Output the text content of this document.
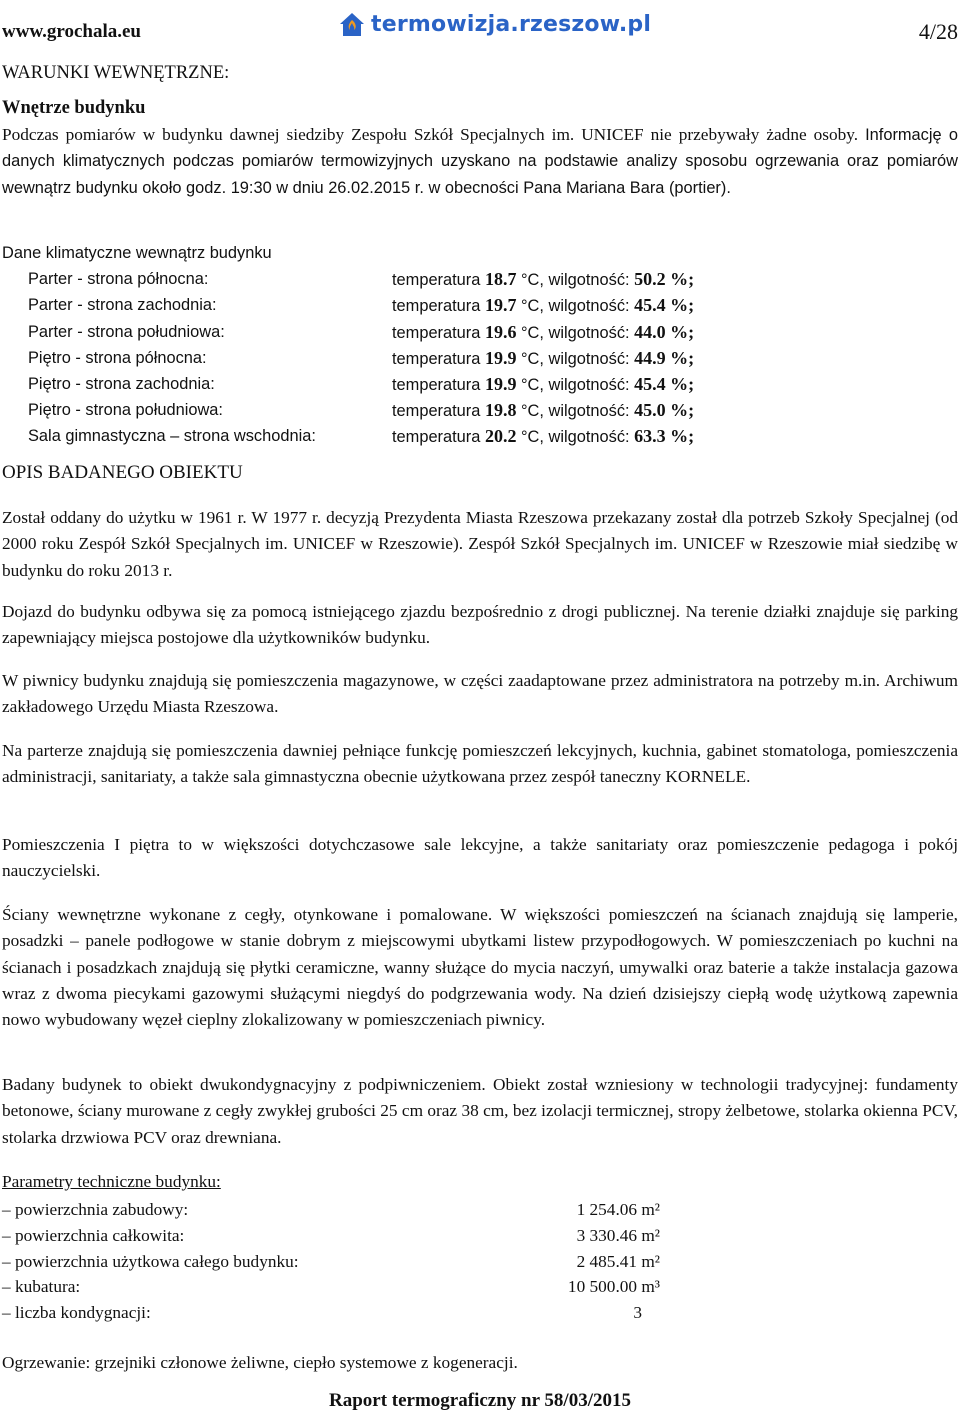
www.grochala.eu	termowizja.rzeszow.pl	4/28
WARUNKI WEWNĘTRZNE:
Wnętrze budynku
Podczas pomiarów w budynku dawnej siedziby Zespołu Szkół Specjalnych im. UNICEF nie przebywały żadne osoby. Informację o danych klimatycznych podczas pomiarów termowizyjnych uzyskano na podstawie analizy sposobu ogrzewania oraz pomiarów wewnątrz budynku około godz. 19:30 w dniu 26.02.2015 r. w obecności Pana Mariana Bara (portier).
Dane klimatyczne wewnątrz budynku
Parter - strona północna:	temperatura 18.7 °C, wilgotność: 50.2 %;
Parter - strona zachodnia:	temperatura 19.7 °C, wilgotność: 45.4 %;
Parter - strona południowa:	temperatura 19.6 °C, wilgotność: 44.0 %;
Piętro - strona północna:	temperatura 19.9 °C, wilgotność: 44.9 %;
Piętro - strona zachodnia:	temperatura 19.9 °C, wilgotność: 45.4 %;
Piętro - strona południowa:	temperatura 19.8 °C, wilgotność: 45.0 %;
Sala gimnastyczna – strona wschodnia:	temperatura 20.2 °C, wilgotność: 63.3 %;
OPIS BADANEGO OBIEKTU
Został oddany do użytku w 1961 r. W 1977 r. decyzją Prezydenta Miasta Rzeszowa przekazany został dla potrzeb Szkoły Specjalnej (od 2000 roku Zespół Szkół Specjalnych im. UNICEF w Rzeszowie). Zespół Szkół Specjalnych im. UNICEF w Rzeszowie miał siedzibę w budynku do roku 2013 r.
Dojazd do budynku odbywa się za pomocą istniejącego zjazdu bezpośrednio z drogi publicznej. Na terenie działki znajduje się parking zapewniający miejsca postojowe dla użytkowników budynku.
W piwnicy budynku znajdują się pomieszczenia magazynowe, w części zaadaptowane przez administratora na potrzeby m.in. Archiwum zakładowego Urzędu Miasta Rzeszowa.
Na parterze znajdują się pomieszczenia dawniej pełniące funkcję pomieszczeń lekcyjnych, kuchnia, gabinet stomatologa, pomieszczenia administracji, sanitariaty, a także sala gimnastyczna obecnie użytkowana przez zespół taneczny KORNELE.
Pomieszczenia I piętra to w większości dotychczasowe sale lekcyjne, a także sanitariaty oraz pomieszczenie pedagoga i pokój nauczycielski.
Ściany wewnętrzne wykonane z cegły, otynkowane i pomalowane. W większości pomieszczeń na ścianach znajdują się lamperie, posadzki – panele podłogowe w stanie dobrym z miejscowymi ubytkami listew przypodłogowych. W pomieszczeniach po kuchni na ścianach i posadzkach znajdują się płytki ceramiczne, wanny służące do mycia naczyń, umywalki oraz baterie a także instalacja gazowa wraz z dwoma piecykami gazowymi służącymi niegdyś do podgrzewania wody. Na dzień dzisiejszy ciepłą wodę użytkową zapewnia nowo wybudowany węzeł cieplny zlokalizowany w pomieszczeniach piwnicy.
Badany budynek to obiekt dwukondygnacyjny z podpiwniczeniem. Obiekt został wzniesiony w technologii tradycyjnej: fundamenty betonowe, ściany murowane z cegły zwykłej grubości 25 cm oraz 38 cm, bez izolacji termicznej, stropy żelbetowe, stolarka okienna PCV, stolarka drzwiowa PCV oraz drewniana.
Parametry techniczne budynku:
– powierzchnia zabudowy:	1 254.06 m²
– powierzchnia całkowita:	3 330.46 m²
– powierzchnia użytkowa całego budynku:	2 485.41 m²
– kubatura:	10 500.00 m³
– liczba kondygnacji:	3
Ogrzewanie: grzejniki członowe żeliwne, ciepło systemowe z kogeneracji.
Raport termograficzny nr 58/03/2015
